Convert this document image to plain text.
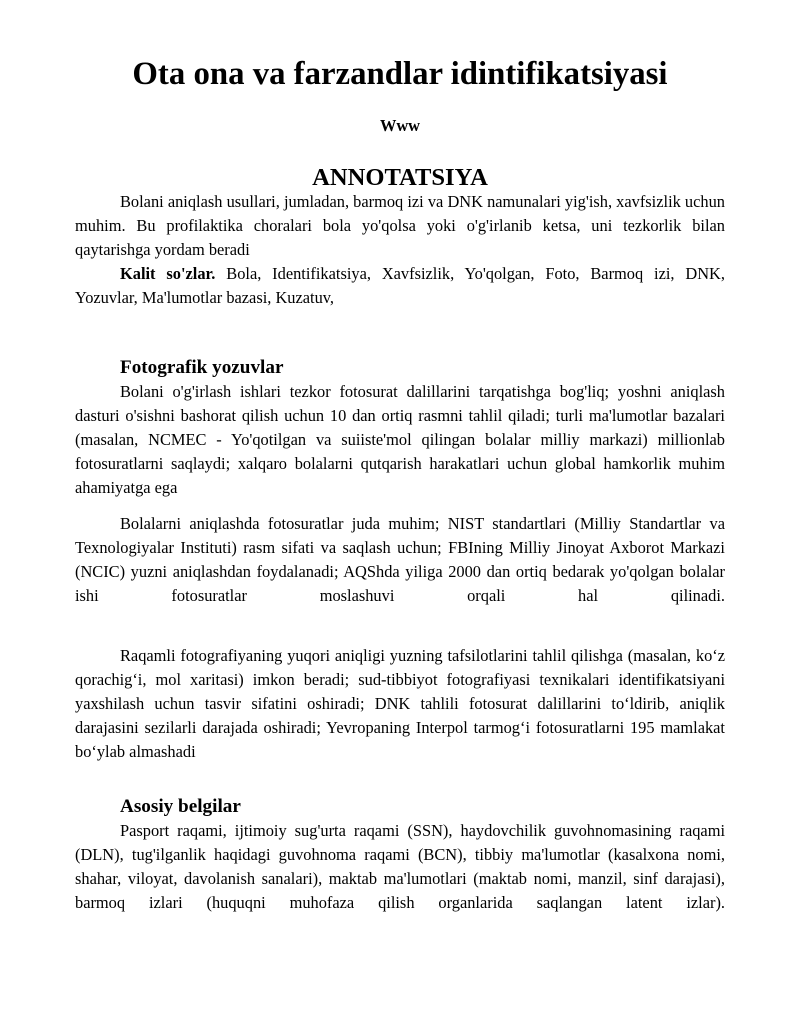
Ota ona va farzandlar idintifikatsiyasi
Www
ANNOTATSIYA

Bolani aniqlash usullari, jumladan, barmoq izi va DNK namunalari yig'ish, xavfsizlik uchun muhim. Bu profilaktika choralari bola yo'qolsa yoki o'g'irlanib ketsa, uni tezkorlik bilan qaytarishga yordam beradi

Kalit so'zlar. Bola, Identifikatsiya, Xavfsizlik, Yo'qolgan, Foto, Barmoq izi, DNK, Yozuvlar, Ma'lumotlar bazasi, Kuzatuv,

Fotografik yozuvlar

Bolani o'g'irlash ishlari tezkor fotosurat dalillarini tarqatishga bog'liq; yoshni aniqlash dasturi o'sishni bashorat qilish uchun 10 dan ortiq rasmni tahlil qiladi; turli ma'lumotlar bazalari (masalan, NCMEC - Yo'qotilgan va suiiste'mol qilingan bolalar milliy markazi) millionlab fotosuratlarni saqlaydi; xalqaro bolalarni qutqarish harakatlari uchun global hamkorlik muhim ahamiyatga ega

Bolalarni aniqlashda fotosuratlar juda muhim; NIST standartlari (Milliy Standartlar va Texnologiyalar Instituti) rasm sifati va saqlash uchun; FBIning Milliy Jinoyat Axborot Markazi (NCIC) yuzni aniqlashdan foydalanadi; AQShda yiliga 2000 dan ortiq bedarak yo'qolgan bolalar ishi fotosuratlar moslashuvi orqali hal qilinadi.

Raqamli fotografiyaning yuqori aniqligi yuzning tafsilotlarini tahlil qilishga (masalan, ko‘z qorachig‘i, mol xaritasi) imkon beradi; sud-tibbiyot fotografiyasi texnikalari identifikatsiyani yaxshilash uchun tasvir sifatini oshiradi; DNK tahlili fotosurat dalillarini to‘ldirib, aniqlik darajasini sezilarli darajada oshiradi; Yevropaning Interpol tarmog‘i fotosuratlarni 195 mamlakat bo‘ylab almashadi

Asosiy belgilar

Pasport raqami, ijtimoiy sug'urta raqami (SSN), haydovchilik guvohnomasining raqami (DLN), tug'ilganlik haqidagi guvohnoma raqami (BCN), tibbiy ma'lumotlar (kasalxona nomi, shahar, viloyat, davolanish sanalari), maktab ma'lumotlari (maktab nomi, manzil, sinf darajasi), barmoq izlari (huquqni muhofaza qilish organlarida saqlangan latent izlar).
